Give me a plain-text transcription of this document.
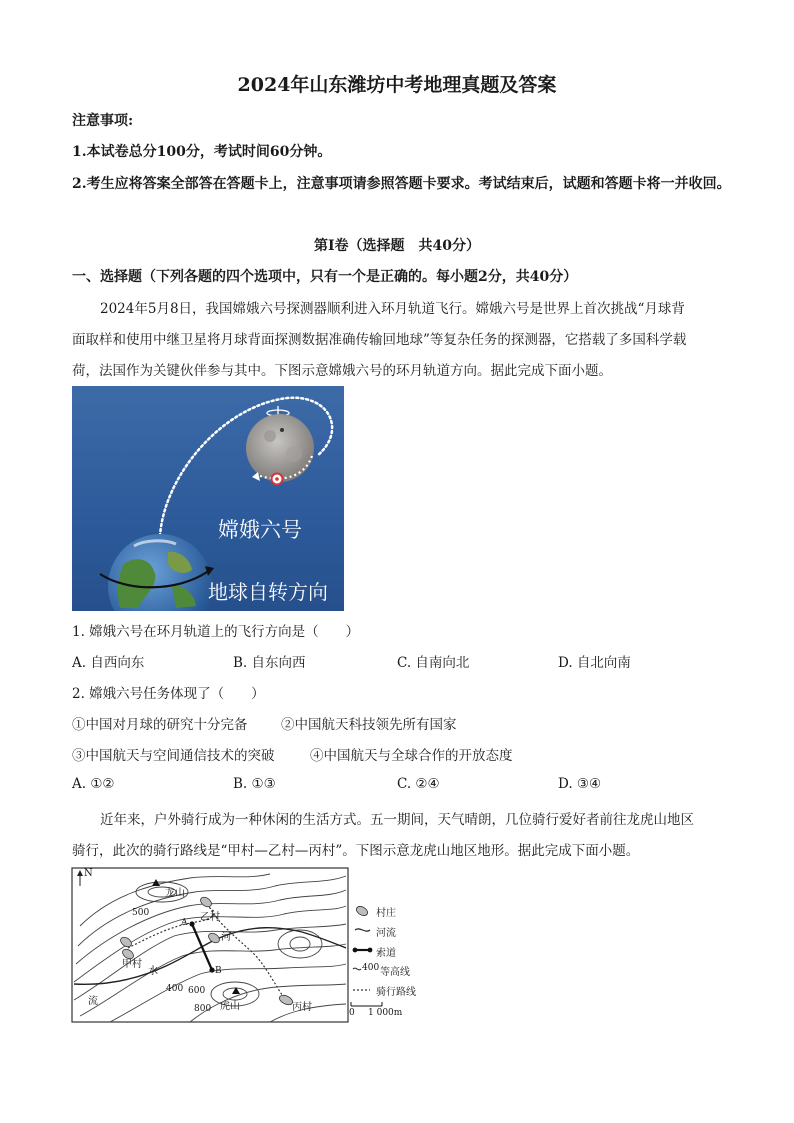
2024年山东潍坊中考地理真题及答案
注意事项:
1.本试卷总分100分，考试时间60分钟。
2.考生应将答案全部答在答题卡上，注意事项请参照答题卡要求。考试结束后，试题和答题卡将一并收回。
第I卷（选择题　共40分）
一、选择题（下列各题的四个选项中，只有一个是正确的。每小题2分，共40分）
2024年5月8日，我国嫦娥六号探测器顺利进入环月轨道飞行。嫦娥六号是世界上首次挑战“月球背
面取样和使用中继卫星将月球背面探测数据准确传输回地球”等复杂任务的探测器，它搭载了多国科学载
荷，法国作为关键伙伴参与其中。下图示意嫦娥六号的环月轨道方向。据此完成下面小题。
嫦娥六号
地球自转方向
1. 嫦娥六号在环月轨道上的飞行方向是（　　）
A. 自西向东	B. 自东向西	C. 自南向北	D. 自北向南
2. 嫦娥六号任务体现了（　　）
①中国对月球的研究十分完备 ②中国航天科技领先所有国家
③中国航天与空间通信技术的突破	④中国航天与全球合作的开放态度
A. ①②	B. ①③	C. ②④	D. ③④
近年来，户外骑行成为一种休闲的生活方式。五一期间，天气晴朗，几位骑行爱好者前往龙虎山地区
骑行，此次的骑行路线是“甲村—乙村—丙村”。下图示意龙虎山地区地形。据此完成下面小题。
N
龙山
虎山
甲村
乙村
丙村
河
水
流
A
B
400
500
600
800
村庄
河流
索道
400 等高线
骑行路线
0 1 000m
